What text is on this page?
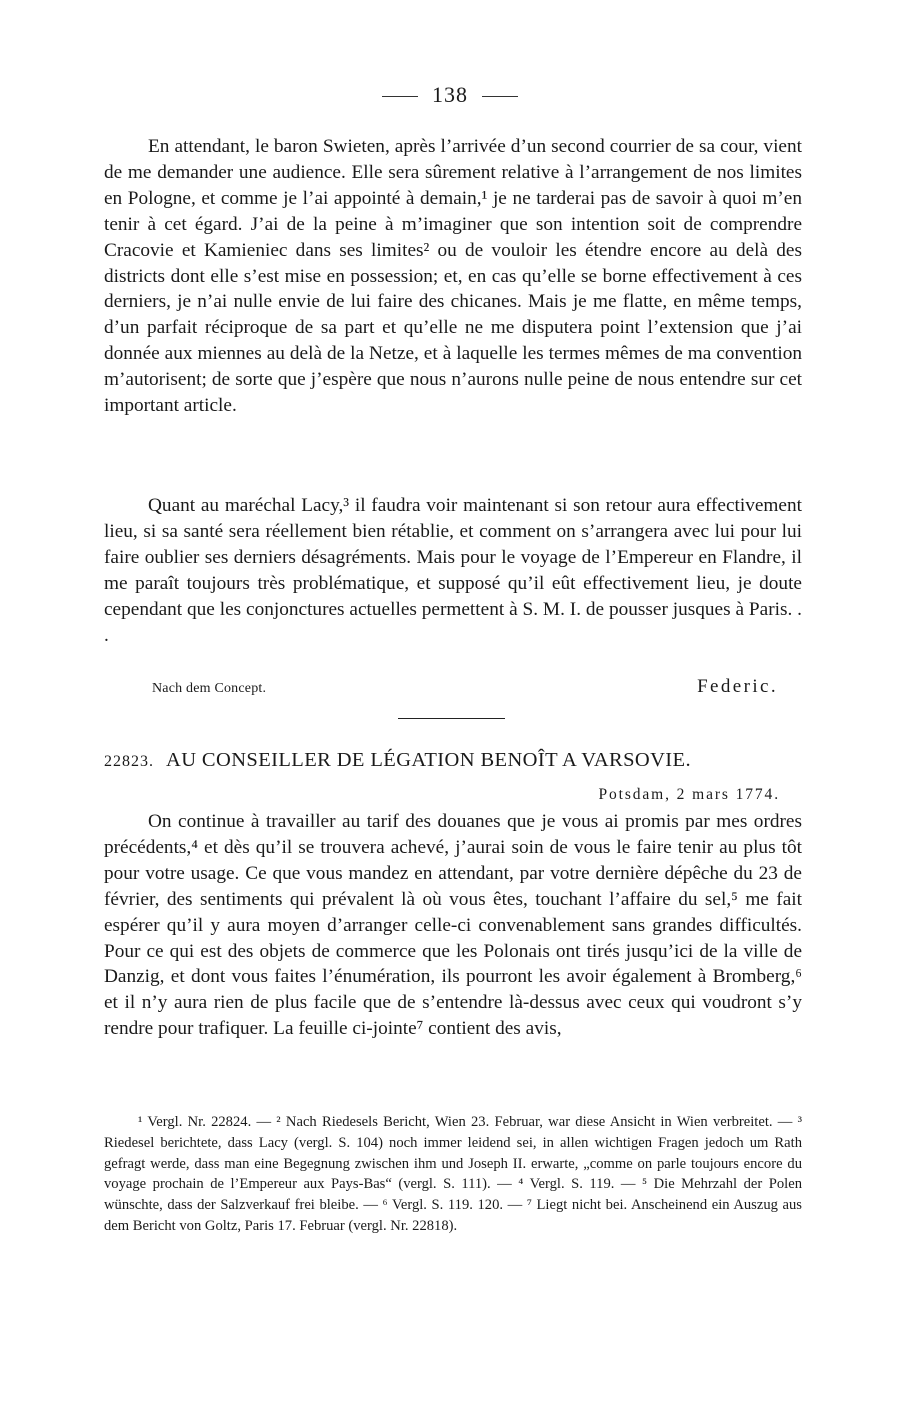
138

En attendant, le baron Swieten, après l’arrivée d’un second courrier de sa cour, vient de me demander une audience. Elle sera sûrement relative à l’arrangement de nos limites en Pologne, et comme je l’ai appointé à demain,¹ je ne tarderai pas de savoir à quoi m’en tenir à cet égard. J’ai de la peine à m’imaginer que son intention soit de comprendre Cracovie et Kamieniec dans ses limites² ou de vouloir les étendre encore au delà des districts dont elle s’est mise en possession; et, en cas qu’elle se borne effectivement à ces derniers, je n’ai nulle envie de lui faire des chicanes. Mais je me flatte, en même temps, d’un parfait réciproque de sa part et qu’elle ne me disputera point l’extension que j’ai donnée aux miennes au delà de la Netze, et à laquelle les termes mêmes de ma convention m’autorisent; de sorte que j’espère que nous n’aurons nulle peine de nous entendre sur cet important article.

Quant au maréchal Lacy,³ il faudra voir maintenant si son retour aura effectivement lieu, si sa santé sera réellement bien rétablie, et comment on s’arrangera avec lui pour lui faire oublier ses derniers désagréments. Mais pour le voyage de l’Empereur en Flandre, il me paraît toujours très problématique, et supposé qu’il eût effectivement lieu, je doute cependant que les conjonctures actuelles permettent à S. M. I. de pousser jusques à Paris. . .

Nach dem Concept.	Federic.
22823. AU CONSEILLER DE LÉGATION BENOÎT A VARSOVIE.
Potsdam, 2 mars 1774.

On continue à travailler au tarif des douanes que je vous ai promis par mes ordres précédents,⁴ et dès qu’il se trouvera achevé, j’aurai soin de vous le faire tenir au plus tôt pour votre usage. Ce que vous mandez en attendant, par votre dernière dépêche du 23 de février, des sentiments qui prévalent là où vous êtes, touchant l’affaire du sel,⁵ me fait espérer qu’il y aura moyen d’arranger celle-ci convenablement sans grandes difficultés. Pour ce qui est des objets de commerce que les Polonais ont tirés jusqu’ici de la ville de Danzig, et dont vous faites l’énumération, ils pourront les avoir également à Bromberg,⁶ et il n’y aura rien de plus facile que de s’entendre là-dessus avec ceux qui voudront s’y rendre pour trafiquer. La feuille ci-jointe⁷ contient des avis,

¹ Vergl. Nr. 22824. — ² Nach Riedesels Bericht, Wien 23. Februar, war diese Ansicht in Wien verbreitet. — ³ Riedesel berichtete, dass Lacy (vergl. S. 104) noch immer leidend sei, in allen wichtigen Fragen jedoch um Rath gefragt werde, dass man eine Begegnung zwischen ihm und Joseph II. erwarte, „comme on parle toujours encore du voyage prochain de l’Empereur aux Pays-Bas“ (vergl. S. 111). — ⁴ Vergl. S. 119. — ⁵ Die Mehrzahl der Polen wünschte, dass der Salzverkauf frei bleibe. — ⁶ Vergl. S. 119. 120. — ⁷ Liegt nicht bei. Anscheinend ein Auszug aus dem Bericht von Goltz, Paris 17. Februar (vergl. Nr. 22818).
